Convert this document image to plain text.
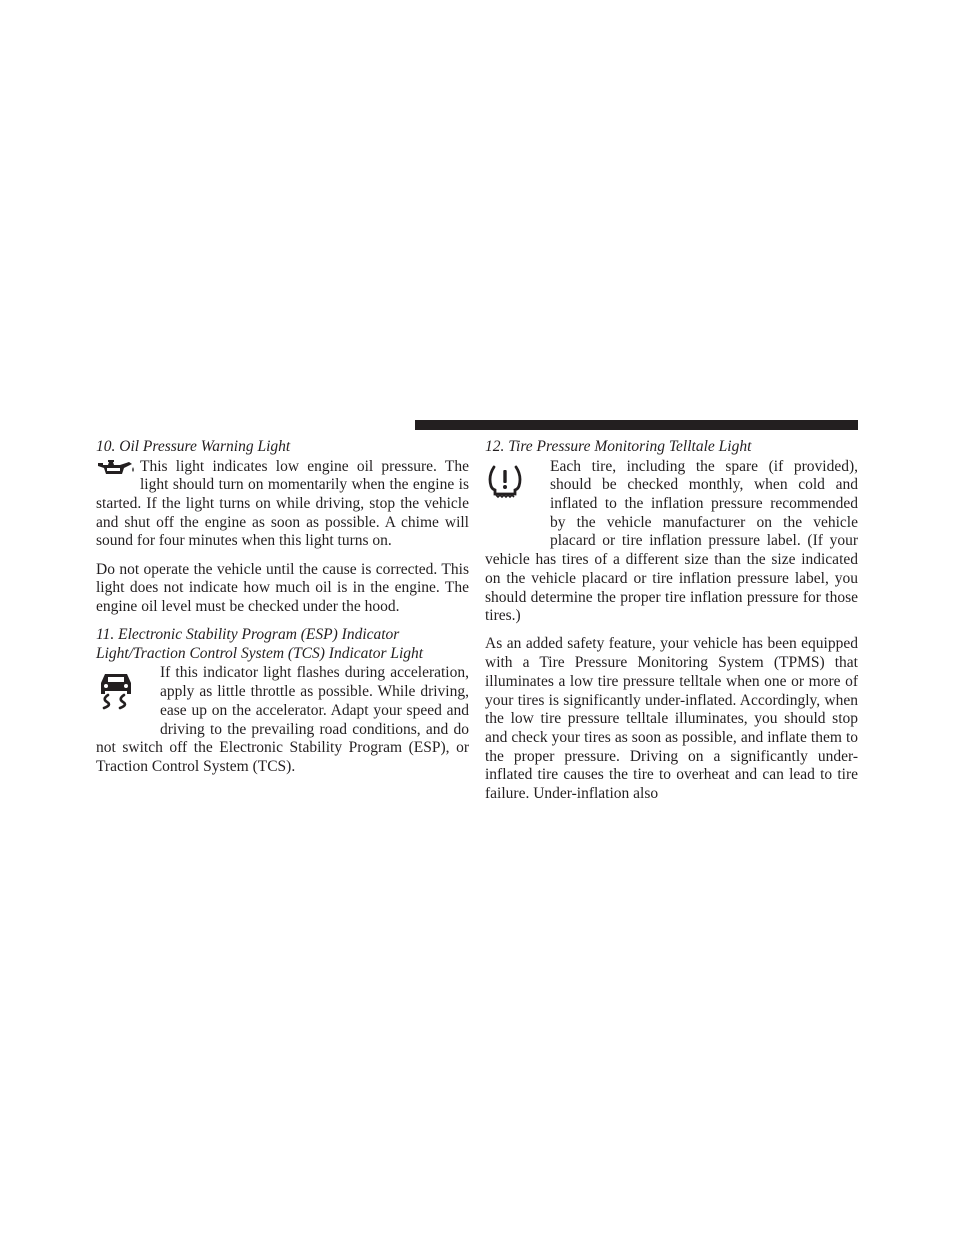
10. Oil Pressure Warning Light

This light indicates low engine oil pressure. The light should turn on momentarily when the engine is started. If the light turns on while driving, stop the vehicle and shut off the engine as soon as possible. A chime will sound for four minutes when this light turns on.

Do not operate the vehicle until the cause is corrected. This light does not indicate how much oil is in the engine. The engine oil level must be checked under the hood.

11. Electronic Stability Program (ESP) Indicator
Light/Traction Control System (TCS) Indicator Light

If this indicator light flashes during acceleration, apply as little throttle as possible. While driving, ease up on the accelerator. Adapt your speed and driving to the prevailing road conditions, and do not switch off the Electronic Stability Program (ESP), or Traction Control System (TCS).

12. Tire Pressure Monitoring Telltale Light

Each tire, including the spare (if provided), should be checked monthly, when cold and inflated to the inflation pressure recommended by the vehicle manufacturer on the vehicle placard or tire inflation pressure label. (If your vehicle has tires of a different size than the size indicated on the vehicle placard or tire inflation pressure label, you should determine the proper tire inflation pressure for those tires.)

As an added safety feature, your vehicle has been equipped with a Tire Pressure Monitoring System (TPMS) that illuminates a low tire pressure telltale when one or more of your tires is significantly under-inflated. Accordingly, when the low tire pressure telltale illuminates, you should stop and check your tires as soon as possible, and inflate them to the proper pressure. Driving on a significantly under-inflated tire causes the tire to overheat and can lead to tire failure. Under-inflation also
